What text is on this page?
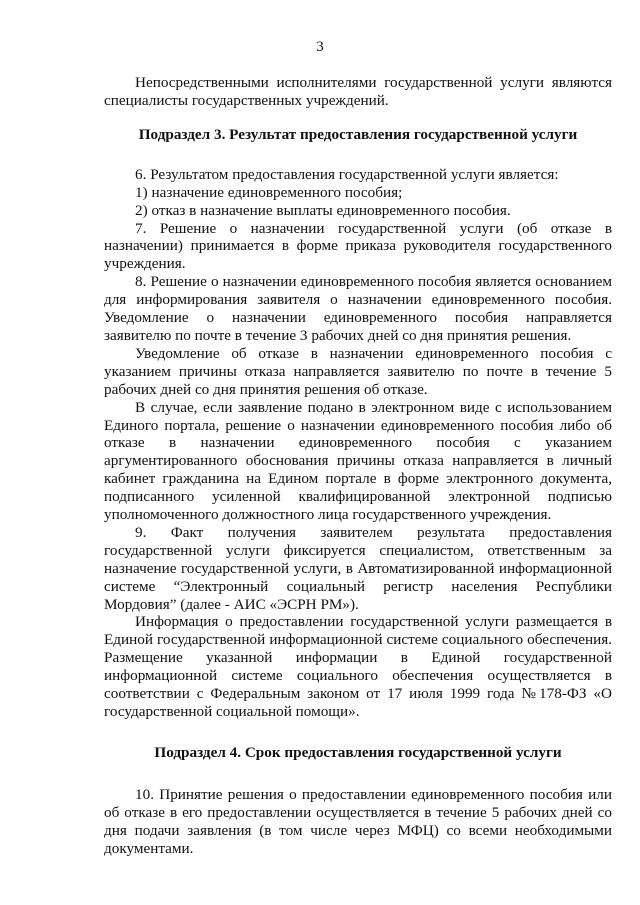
3

Непосредственными исполнителями государственной услуги являются специалисты государственных учреждений.

Подраздел 3. Результат предоставления государственной услуги

6. Результатом предоставления государственной услуги является:

1) назначение единовременного пособия;

2) отказ в назначение выплаты единовременного пособия.

7. Решение о назначении государственной услуги (об отказе в назначении) принимается в форме приказа руководителя государственного учреждения.

8. Решение о назначении единовременного пособия является основанием для информирования заявителя о назначении единовременного пособия. Уведомление о назначении единовременного пособия направляется заявителю по почте в течение 3 рабочих дней со дня принятия решения.

Уведомление об отказе в назначении единовременного пособия с указанием причины отказа направляется заявителю по почте в течение 5 рабочих дней со дня принятия решения об отказе.

В случае, если заявление подано в электронном виде с использованием Единого портала, решение о назначении единовременного пособия либо об отказе в назначении единовременного пособия с указанием аргументированного обоснования причины отказа направляется в личный кабинет гражданина на Едином портале в форме электронного документа, подписанного усиленной квалифицированной электронной подписью уполномоченного должностного лица государственного учреждения.

9. Факт получения заявителем результата предоставления государственной услуги фиксируется специалистом, ответственным за назначение государственной услуги, в Автоматизированной информационной системе “Электронный социальный регистр населения Республики Мордовия” (далее - АИС «ЭСРН РМ»).

Информация о предоставлении государственной услуги размещается в Единой государственной информационной системе социального обеспечения. Размещение указанной информации в Единой государственной информационной системе социального обеспечения осуществляется в соответствии с Федеральным законом от 17 июля 1999 года №178-ФЗ «О государственной социальной помощи».

Подраздел 4. Срок предоставления государственной услуги

10. Принятие решения о предоставлении единовременного пособия или об отказе в его предоставлении осуществляется в течение 5 рабочих дней со дня подачи заявления (в том числе через МФЦ) со всеми необходимыми документами.
